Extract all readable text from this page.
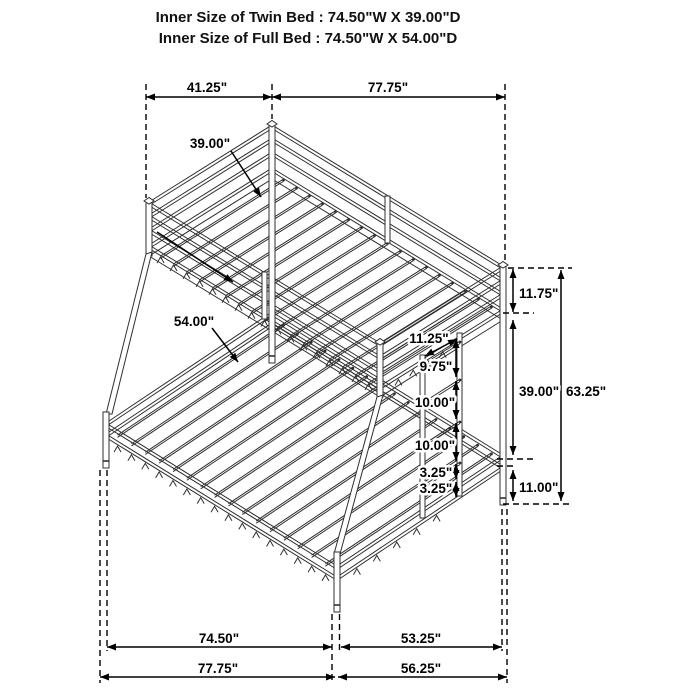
Inner Size of Twin Bed : 74.50"W X 39.00"D
Inner Size of Full Bed : 74.50"W X 54.00"D
41.25"	77.75"
39.00"
54.00"
11.75"
39.00" 63.25"
11.00"
11.25"
9.75"
10.00"
10.00"
3.25"
3.25"
74.50"	53.25"
77.75"	56.25"
